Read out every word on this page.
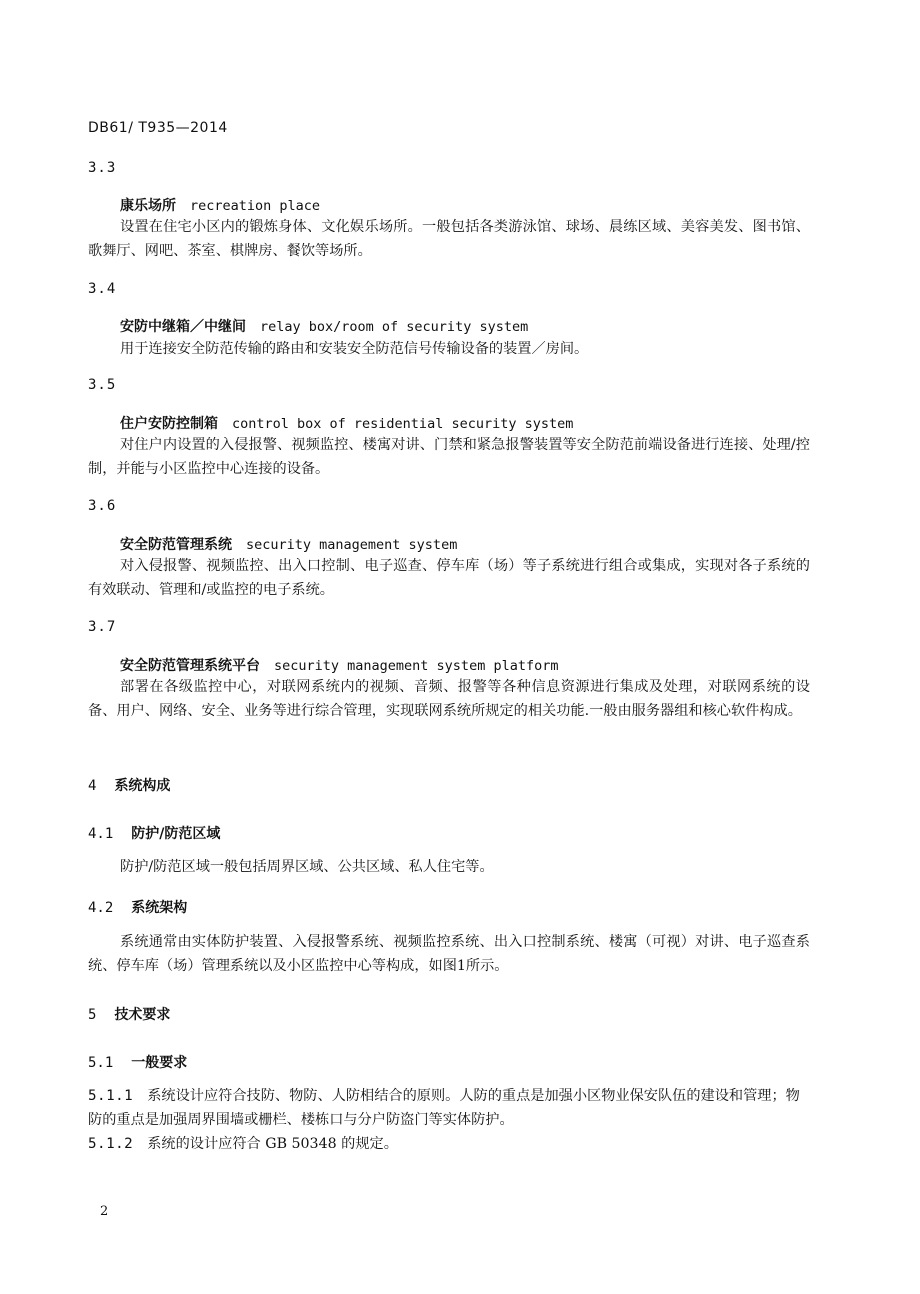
DB61/ T935—2014
3.3
康乐场所 recreation place
设置在住宅小区内的锻炼身体、文化娱乐场所。一般包括各类游泳馆、球场、晨练区域、美容美发、图书馆、歌舞厅、网吧、茶室、棋牌房、餐饮等场所。
3.4
安防中继箱／中继间 relay box/room of security system
用于连接安全防范传输的路由和安装安全防范信号传输设备的装置／房间。
3.5
住户安防控制箱 control box of residential security system
对住户内设置的入侵报警、视频监控、楼寓对讲、门禁和紧急报警装置等安全防范前端设备进行连接、处理/控制，并能与小区监控中心连接的设备。
3.6
安全防范管理系统 security management system
对入侵报警、视频监控、出入口控制、电子巡查、停车库（场）等子系统进行组合或集成，实现对各子系统的有效联动、管理和/或监控的电子系统。
3.7
安全防范管理系统平台 security management system platform
部署在各级监控中心，对联网系统内的视频、音频、报警等各种信息资源进行集成及处理，对联网系统的设备、用户、网络、安全、业务等进行综合管理，实现联网系统所规定的相关功能.一般由服务器组和核心软件构成。
4 系统构成
4.1 防护/防范区域
防护/防范区域一般包括周界区域、公共区域、私人住宅等。
4.2 系统架构
系统通常由实体防护装置、入侵报警系统、视频监控系统、出入口控制系统、楼寓（可视）对讲、电子巡查系统、停车库（场）管理系统以及小区监控中心等构成，如图1所示。
5 技术要求
5.1 一般要求
5.1.1 系统设计应符合技防、物防、人防相结合的原则。人防的重点是加强小区物业保安队伍的建设和管理；物防的重点是加强周界围墙或栅栏、楼栋口与分户防盗门等实体防护。
5.1.2 系统的设计应符合 GB 50348 的规定。
2
